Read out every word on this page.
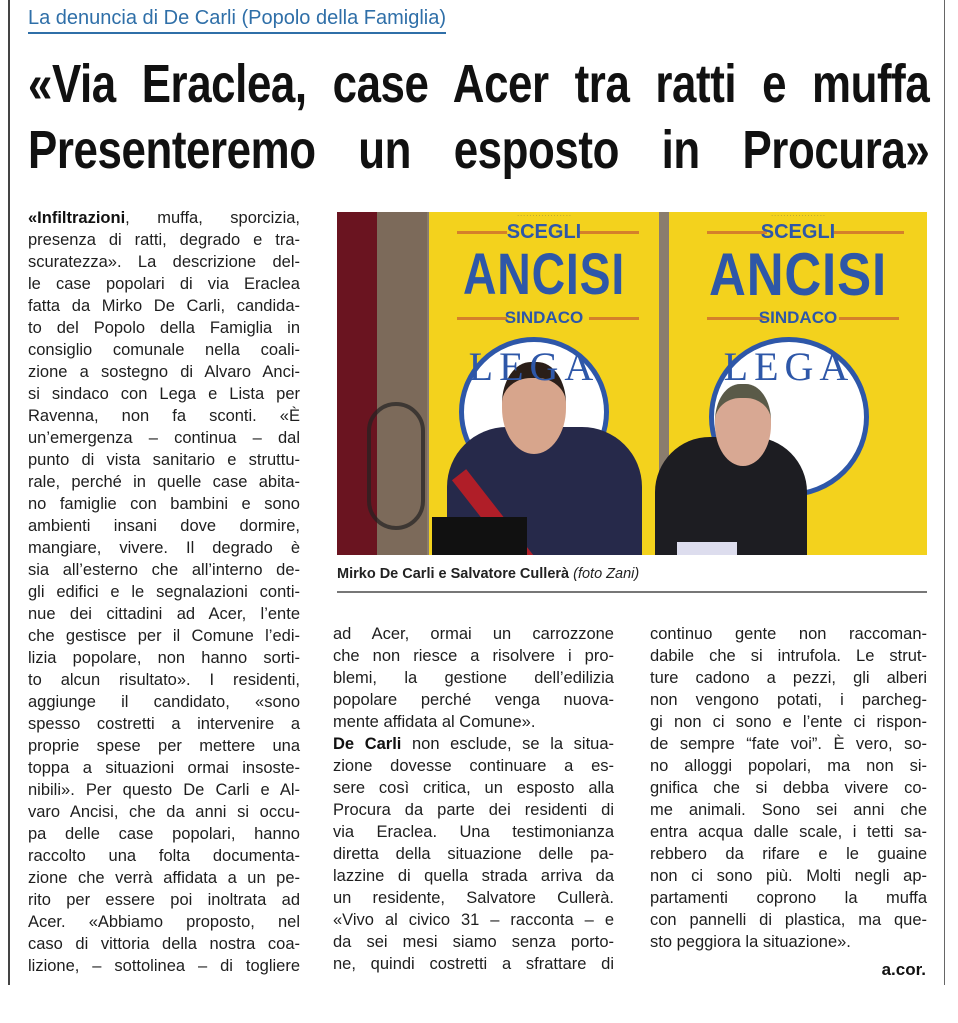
La denuncia di De Carli (Popolo della Famiglia)
«Via Eraclea, case Acer tra ratti e muffa
Presenteremo un esposto in Procura»
«Infiltrazioni, muffa, sporcizia,
presenza di ratti, degrado e tra-
scuratezza». La descrizione del-
le case popolari di via Eraclea
fatta da Mirko De Carli, candida-
to del Popolo della Famiglia in
consiglio comunale nella coali-
zione a sostegno di Alvaro Anci-
si sindaco con Lega e Lista per
Ravenna, non fa sconti. «È
un’emergenza – continua – dal
punto di vista sanitario e struttu-
rale, perché in quelle case abita-
no famiglie con bambini e sono
ambienti insani dove dormire,
mangiare, vivere. Il degrado è
sia all’esterno che all’interno de-
gli edifici e le segnalazioni conti-
nue dei cittadini ad Acer, l’ente
che gestisce per il Comune l’edi-
lizia popolare, non hanno sorti-
to alcun risultato». I residenti,
aggiunge il candidato, «sono
spesso costretti a intervenire a
proprie spese per mettere una
toppa a situazioni ormai insoste-
nibili». Per questo De Carli e Al-
varo Ancisi, che da anni si occu-
pa delle case popolari, hanno
raccolto una folta documenta-
zione che verrà affidata a un pe-
rito per essere poi inoltrata ad
Acer. «Abbiamo proposto, nel
caso di vittoria della nostra coa-
lizione, – sottolinea – di togliere
· · · · · · · · · · · · · · · · · ·
SCEGLI
ANCISI
SINDACO
· · · · · · · · · · · · · · · · · ·
SCEGLI
ANCISI
SINDACO
LEGA	LEGA
Mirko De Carli e Salvatore Cullerà (foto Zani)
ad Acer, ormai un carrozzone
che non riesce a risolvere i pro-
blemi, la gestione dell’edilizia
popolare perché venga nuova-
mente affidata al Comune».
De Carli non esclude, se la situa-
zione dovesse continuare a es-
sere così critica, un esposto alla
Procura da parte dei residenti di
via Eraclea. Una testimonianza
diretta della situazione delle pa-
lazzine di quella strada arriva da
un residente, Salvatore Cullerà.
«Vivo al civico 31 – racconta – e
da sei mesi siamo senza porto-
ne, quindi costretti a sfrattare di
continuo gente non raccoman-
dabile che si intrufola. Le strut-
ture cadono a pezzi, gli alberi
non vengono potati, i parcheg-
gi non ci sono e l’ente ci rispon-
de sempre “fate voi”. È vero, so-
no alloggi popolari, ma non si-
gnifica che si debba vivere co-
me animali. Sono sei anni che
entra acqua dalle scale, i tetti sa-
rebbero da rifare e le guaine
non ci sono più. Molti negli ap-
partamenti coprono la muffa
con pannelli di plastica, ma que-
sto peggiora la situazione».
a.cor.
